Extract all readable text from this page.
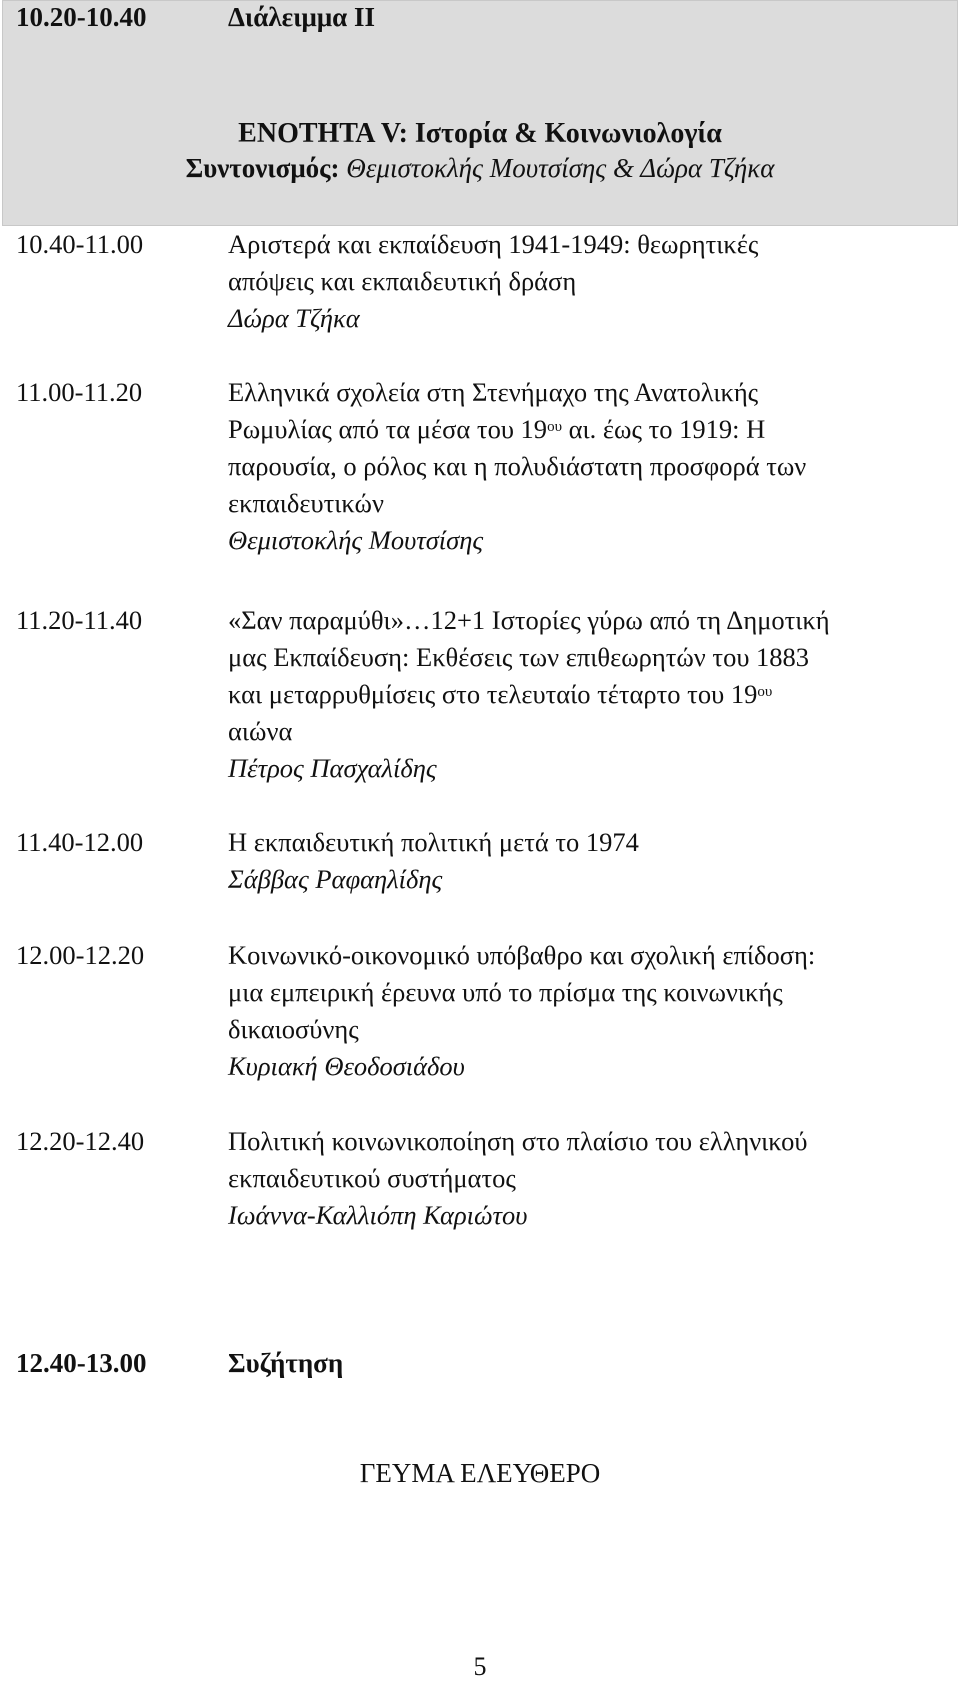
10.20-10.40	Διάλειμμα ΙΙ
ΕΝΟΤΗΤΑ V: Ιστορία & Κοινωνιολογία
Συντονισμός: Θεμιστοκλής Μουτσίσης & Δώρα Τζήκα
10.40-11.00	Αριστερά και εκπαίδευση 1941-1949: θεωρητικές
απόψεις και εκπαιδευτική δράση
Δώρα Τζήκα
11.00-11.20	Ελληνικά σχολεία στη Στενήμαχο της Ανατολικής
Ρωμυλίας από τα μέσα του $19^{o\upsilon}$ αι. έως το 1919: Η
παρουσία, ο ρόλος και η πολυδιάστατη προσφορά των
εκπαιδευτικών
Θεμιστοκλής Μουτσίσης
11.20-11.40	«Σαν παραμύθι»…12+1 Ιστορίες γύρω από τη Δημοτική
μας Εκπαίδευση: Εκθέσεις των επιθεωρητών του 1883
και μεταρρυθμίσεις στο τελευταίο τέταρτο του $19^{o\upsilon}$
αιώνα
Πέτρος Πασχαλίδης
11.40-12.00	Η εκπαιδευτική πολιτική μετά το 1974
Σάββας Ραφαηλίδης
12.00-12.20	Κοινωνικό-οικονομικό υπόβαθρο και σχολική επίδοση:
μια εμπειρική έρευνα υπό το πρίσμα της κοινωνικής
δικαιοσύνης
Κυριακή Θεοδοσιάδου
12.20-12.40	Πολιτική κοινωνικοποίηση στο πλαίσιο του ελληνικού
εκπαιδευτικού συστήματος
Ιωάννα-Καλλιόπη Καριώτου
12.40-13.00	Συζήτηση
ΓΕΥΜΑ ΕΛΕΥΘΕΡΟ
5
